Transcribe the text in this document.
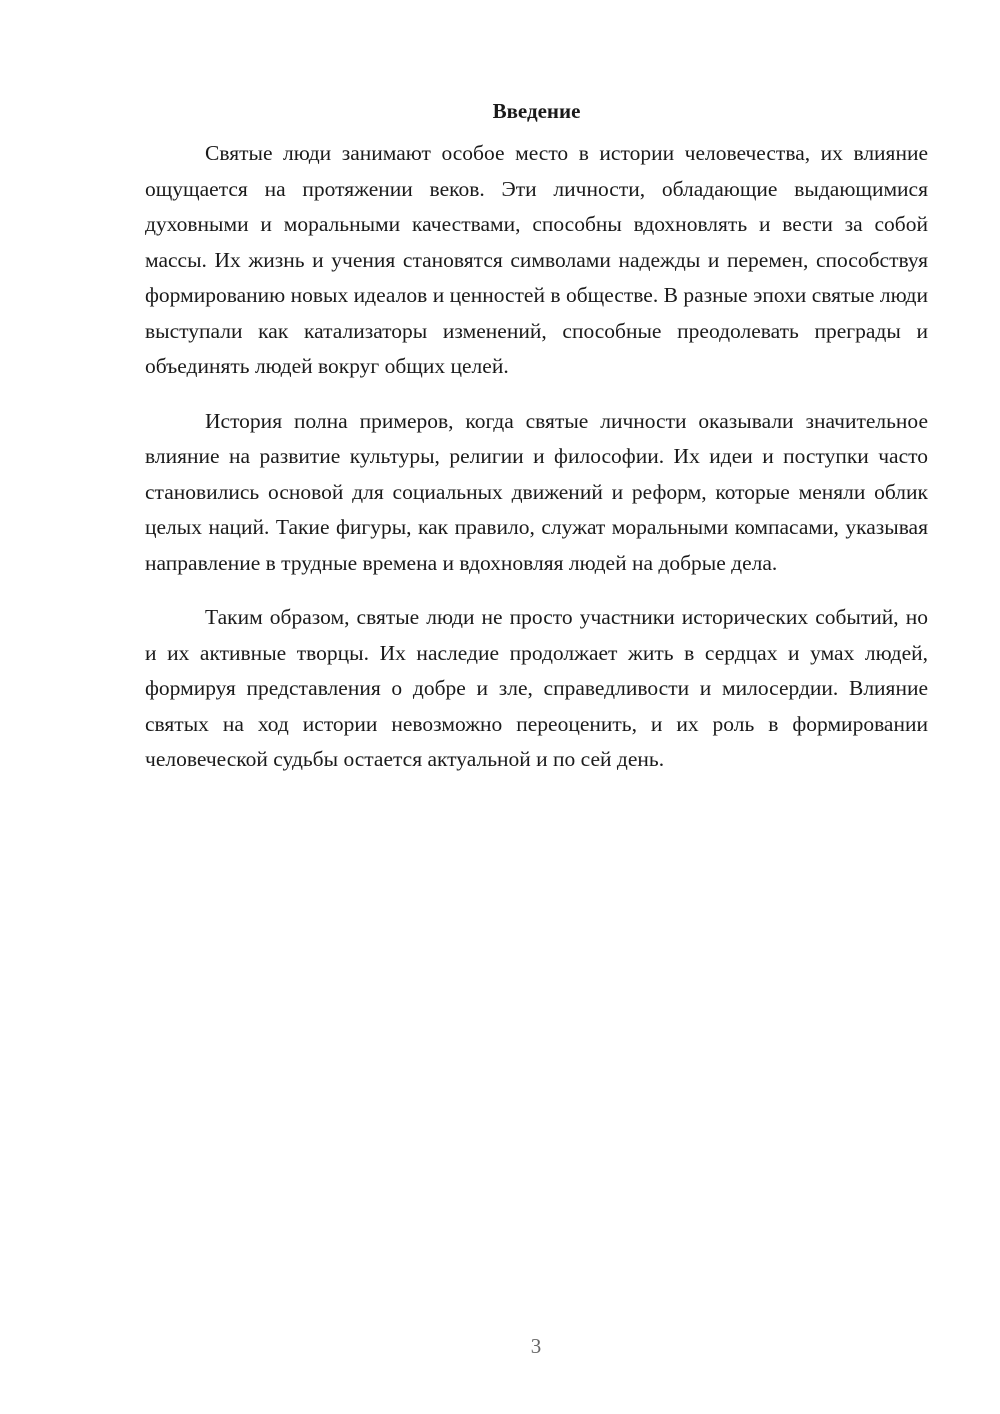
Введение

Святые люди занимают особое место в истории человечества, их влияние ощущается на протяжении веков. Эти личности, обладающие выдающимися духовными и моральными качествами, способны вдохновлять и вести за собой массы. Их жизнь и учения становятся символами надежды и перемен, способствуя формированию новых идеалов и ценностей в обществе. В разные эпохи святые люди выступали как катализаторы изменений, способные преодолевать преграды и объединять людей вокруг общих целей.

История полна примеров, когда святые личности оказывали значительное влияние на развитие культуры, религии и философии. Их идеи и поступки часто становились основой для социальных движений и реформ, которые меняли облик целых наций. Такие фигуры, как правило, служат моральными компасами, указывая направление в трудные времена и вдохновляя людей на добрые дела.

Таким образом, святые люди не просто участники исторических событий, но и их активные творцы. Их наследие продолжает жить в сердцах и умах людей, формируя представления о добре и зле, справедливости и милосердии. Влияние святых на ход истории невозможно переоценить, и их роль в формировании человеческой судьбы остается актуальной и по сей день.

3
